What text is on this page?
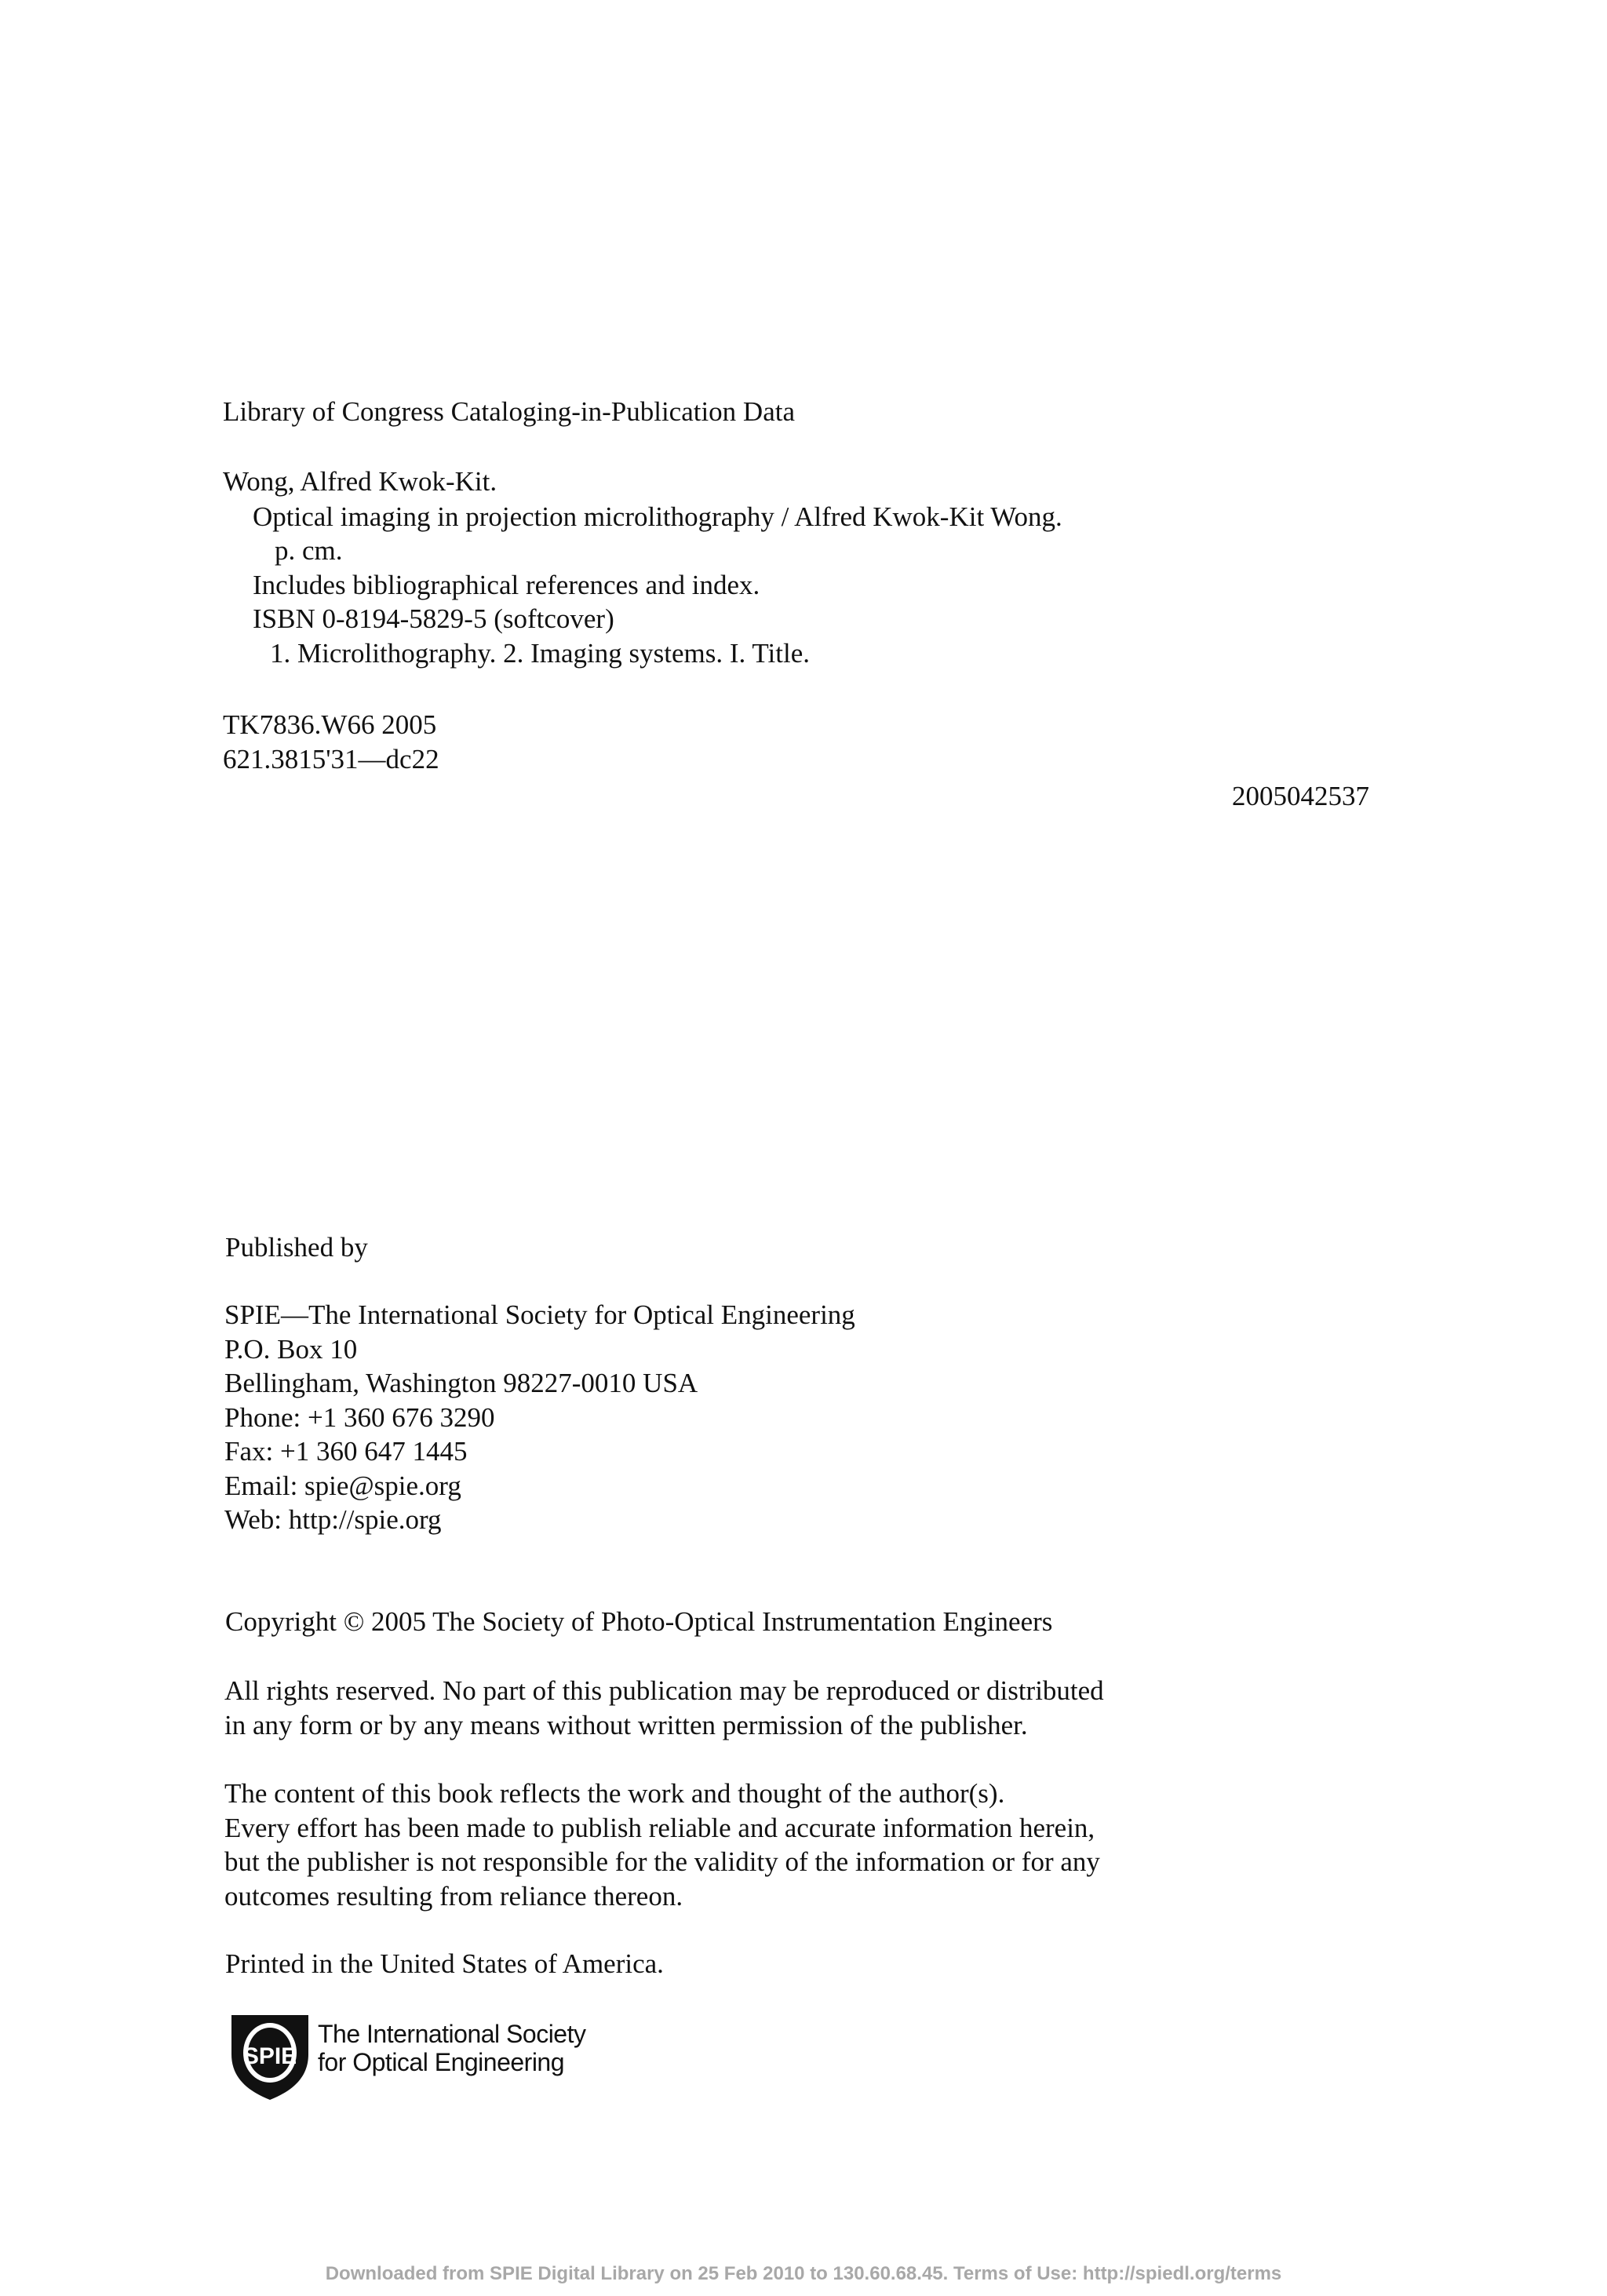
Library of Congress Cataloging-in-Publication Data
Wong, Alfred Kwok-Kit.
Optical imaging in projection microlithography / Alfred Kwok-Kit Wong.
p. cm.
Includes bibliographical references and index.
ISBN 0-8194-5829-5 (softcover)
1. Microlithography. 2. Imaging systems. I. Title.
TK7836.W66 2005
621.3815'31—dc22
2005042537
Published by
SPIE—The International Society for Optical Engineering
P.O. Box 10
Bellingham, Washington 98227-0010 USA
Phone: +1 360 676 3290
Fax: +1 360 647 1445
Email: spie@spie.org
Web: http://spie.org
Copyright © 2005 The Society of Photo-Optical Instrumentation Engineers
All rights reserved. No part of this publication may be reproduced or distributed
in any form or by any means without written permission of the publisher.
The content of this book reflects the work and thought of the author(s).
Every effort has been made to publish reliable and accurate information herein,
but the publisher is not responsible for the validity of the information or for any
outcomes resulting from reliance thereon.
Printed in the United States of America.
SPIE
The International Society
for Optical Engineering
Downloaded from SPIE Digital Library on 25 Feb 2010 to 130.60.68.45. Terms of Use: http://spiedl.org/terms
